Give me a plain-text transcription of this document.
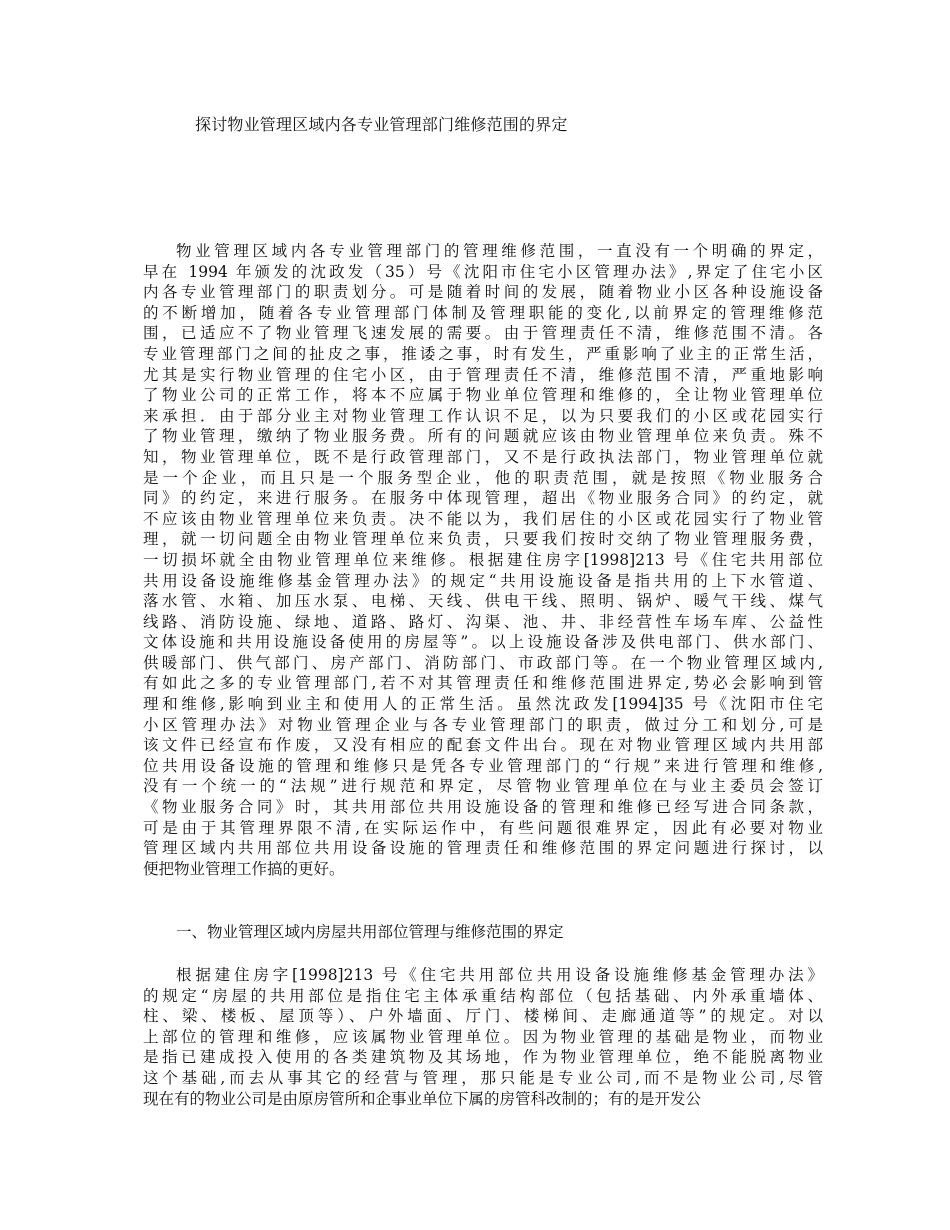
探讨物业管理区域内各专业管理部门维修范围的界定
物业管理区域内各专业管理部门的管理维修范围，一直没有一个明确的界定，
早在 1994 年颁发的沈政发（35）号《沈阳市住宅小区管理办法》,界定了住宅小区
内各专业管理部门的职责划分。可是随着时间的发展，随着物业小区各种设施设备
的不断增加，随着各专业管理部门体制及管理职能的变化,以前界定的管理维修范
围，已适应不了物业管理飞速发展的需要。由于管理责任不清，维修范围不清。各
专业管理部门之间的扯皮之事，推诿之事，时有发生，严重影响了业主的正常生活，
尤其是实行物业管理的住宅小区，由于管理责任不清，维修范围不清，严重地影响
了物业公司的正常工作，将本不应属于物业单位管理和维修的，全让物业管理单位
来承担．由于部分业主对物业管理工作认识不足，以为只要我们的小区或花园实行
了物业管理，缴纳了物业服务费。所有的问题就应该由物业管理单位来负责。殊不
知，物业管理单位，既不是行政管理部门，又不是行政执法部门，物业管理单位就
是一个企业，而且只是一个服务型企业，他的职责范围，就是按照《物业服务合
同》的约定，来进行服务。在服务中体现管理，超出《物业服务合同》的约定，就
不应该由物业管理单位来负责。决不能以为，我们居住的小区或花园实行了物业管
理，就一切问题全由物业管理单位来负责，只要我们按时交纳了物业管理服务费，
一切损坏就全由物业管理单位来维修。根据建住房字[1998]213 号《住宅共用部位
共用设备设施维修基金管理办法》的规定“共用设施设备是指共用的上下水管道、
落水管、水箱、加压水泵、电梯、天线、供电干线、照明、锅炉、暖气干线、煤气
线路、消防设施、绿地、道路、路灯、沟渠、池、井、非经营性车场车库、公益性
文体设施和共用设施设备使用的房屋等”。以上设施设备涉及供电部门、供水部门、
供暖部门、供气部门、房产部门、消防部门、市政部门等。在一个物业管理区域内,
有如此之多的专业管理部门,若不对其管理责任和维修范围进界定,势必会影响到管
理和维修,影响到业主和使用人的正常生活。虽然沈政发[1994]35 号《沈阳市住宅
小区管理办法》对物业管理企业与各专业管理部门的职责，做过分工和划分,可是
该文件已经宣布作废，又没有相应的配套文件出台。现在对物业管理区域内共用部
位共用设备设施的管理和维修只是凭各专业管理部门的“行规”来进行管理和维修,
没有一个统一的“法规”进行规范和界定，尽管物业管理单位在与业主委员会签订
《物业服务合同》时，其共用部位共用设施设备的管理和维修已经写进合同条款，
可是由于其管理界限不清,在实际运作中，有些问题很难界定，因此有必要对物业
管理区域内共用部位共用设备设施的管理责任和维修范围的界定问题进行探讨，以
便把物业管理工作搞的更好。
一、物业管理区域内房屋共用部位管理与维修范围的界定
根据建住房字[1998]213 号《住宅共用部位共用设备设施维修基金管理办法》
的规定“房屋的共用部位是指住宅主体承重结构部位（包括基础、内外承重墙体、
柱、梁、楼板、屋顶等）、户外墙面、厅门、楼梯间、走廊通道等”的规定。对以
上部位的管理和维修，应该属物业管理单位。因为物业管理的基础是物业，而物业
是指已建成投入使用的各类建筑物及其场地，作为物业管理单位，绝不能脱离物业
这个基础,而去从事其它的经营与管理，那只能是专业公司,而不是物业公司,尽管
现在有的物业公司是由原房管所和企事业单位下属的房管科改制的；有的是开发公
